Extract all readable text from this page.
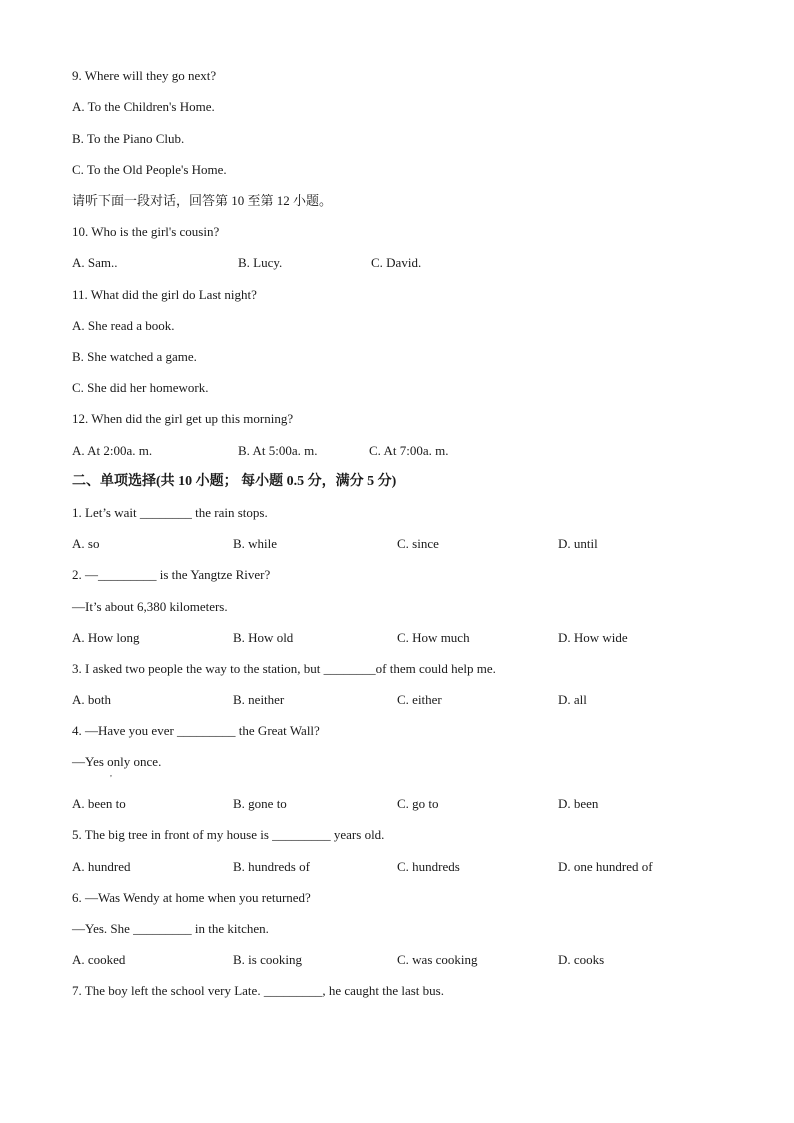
9. Where will they go next?
A. To the Children's Home.
B. To the Piano Club.
C. To the Old People's Home.
请听下面一段对话，回答第 10 至第 12 小题。
10. Who is the girl's cousin?
A. Sam..	B. Lucy.	C. David.
11. What did the girl do Last night?
A. She read a book.
B. She watched a game.
C. She did her homework.
12. When did the girl get up this morning?
A. At 2:00a. m.	B. At 5:00a. m.	C. At 7:00a. m.
二、单项选择(共 10 小题； 每小题 0.5 分，满分 5 分)
1. Let’s wait ________ the rain stops.
A. so	B. while	C. since	D. until
2. —_________ is the Yangtze River?
—It’s about 6,380 kilometers.
A. How long	B. How old	C. How much	D. How wide
3. I asked two people the way to the station, but ________of them could help me.
A. both	B. neither	C. either	D. all
4. —Have you ever _________ the Great Wall?
—Yes only once.
,
A. been to	B. gone to	C. go to	D. been
5. The big tree in front of my house is _________ years old.
A. hundred	B. hundreds of	C. hundreds	D. one hundred of
6. —Was Wendy at home when you returned?
—Yes. She _________ in the kitchen.
A. cooked	B. is cooking	C. was cooking	D. cooks
7. The boy left the school very Late. _________, he caught the last bus.
